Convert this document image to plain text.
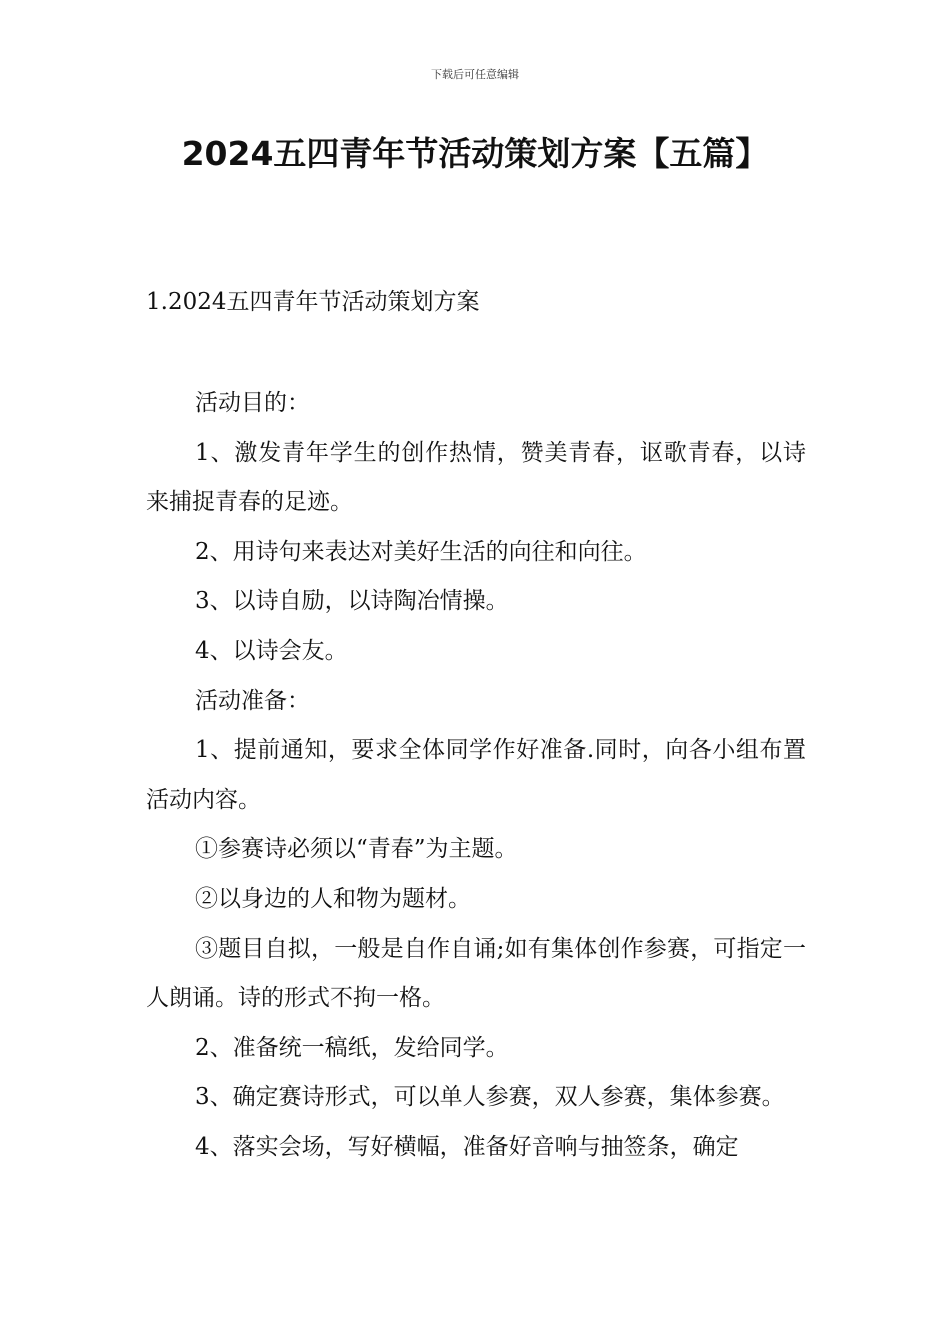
下载后可任意编辑
2024五四青年节活动策划方案【五篇】
1.2024五四青年节活动策划方案

活动目的：

1、激发青年学生的创作热情，赞美青春，讴歌青春，以诗来捕捉青春的足迹。

2、用诗句来表达对美好生活的向往和向往。

3、以诗自励，以诗陶冶情操。

4、以诗会友。

活动准备：

1、提前通知，要求全体同学作好准备.同时，向各小组布置活动内容。

①参赛诗必须以“青春”为主题。

②以身边的人和物为题材。

③题目自拟，一般是自作自诵;如有集体创作参赛，可指定一人朗诵。诗的形式不拘一格。

2、准备统一稿纸，发给同学。

3、确定赛诗形式，可以单人参赛，双人参赛，集体参赛。

4、落实会场，写好横幅，准备好音响与抽签条，确定
